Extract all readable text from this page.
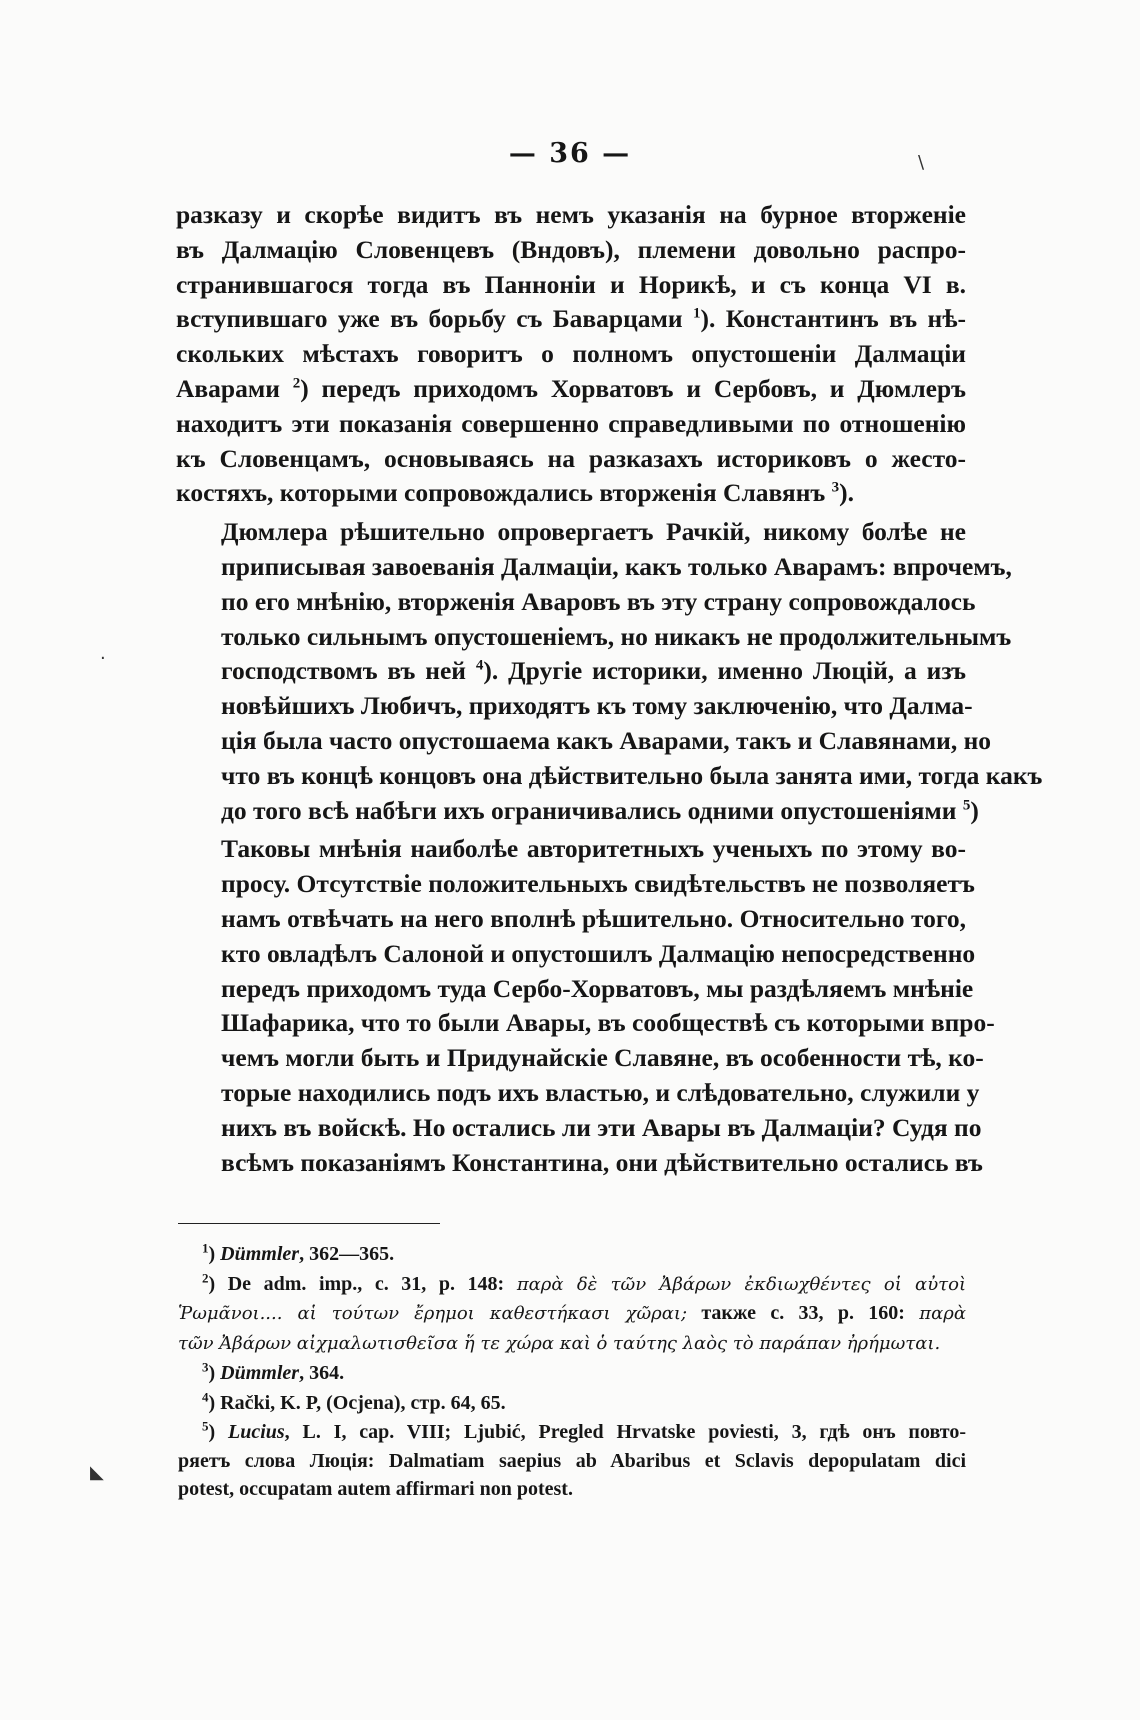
— 36 —	\
·
◣

разказу и скорѣе видитъ въ немъ указанія на бурное вторженіе
въ Далмацію Словенцевъ (Вндовъ), племени довольно распро-
странившагося тогда въ Панноніи и Норикѣ, и съ конца VI в.
вступившаго уже въ борьбу съ Баварцами $^1$). Константинъ въ нѣ-
скольких мѣстахъ говоритъ о полномъ опустошеніи Далмаціи
Аварами $^2$) передъ приходомъ Хорватовъ и Сербовъ, и Дюмлеръ
находитъ эти показанія совершенно справедливыми по отношенію
къ Словенцамъ, основываясь на разказахъ историковъ о жесто-
костяхъ, которыми сопровождались вторженія Славянъ $^3$).

Дюмлера рѣшительно опровергаетъ Рачкій, никому болѣе не
приписывая завоеванія Далмаціи, какъ только Аварамъ: впрочемъ,
по его мнѣнію, вторженія Аваровъ въ эту страну сопровождалось
только сильнымъ опустошеніемъ, но никакъ не продолжительнымъ
господствомъ въ ней $^4$). Другіе историки, именно Люцій, а изъ
новѣйшихъ Любичъ, приходятъ къ тому заключенію, что Далма-
ція была часто опустошаема какъ Аварами, такъ и Славянами, но
что въ концѣ концовъ она дѣйствительно была занята ими, тогда какъ
до того всѣ набѣги ихъ ограничивались одними опустошеніями $^5$)

Таковы мнѣнія наиболѣе авторитетныхъ ученыхъ по этому во-
просу. Отсутствіе положительныхъ свидѣтельствъ не позволяетъ
намъ отвѣчать на него вполнѣ рѣшительно. Относительно того,
кто овладѣлъ Салоной и опустошилъ Далмацію непосредственно
передъ приходомъ туда Сербо-Хорватовъ, мы раздѣляемъ мнѣніе
Шафарика, что то были Авары, въ сообществѣ съ которыми впро-
чемъ могли быть и Придунайскіе Славяне, въ особенности тѣ, ко-
торые находились подъ ихъ властью, и слѣдовательно, служили у
нихъ въ войскѣ. Но остались ли эти Авары въ Далмаціи? Судя по
всѣмъ показаніямъ Константина, они дѣйствительно остались въ

$^1$) Dümmler, 362—365.
$^2$) De adm. imp., c. 31, p. 148: παρὰ δὲ τῶν Ἀβάρων ἐκδιωχθέντες οἱ αὐτοὶ
Ῥωμᾶνοι.... αἱ τούτων ἔρημοι καθεστήκασι χῶραι; также c. 33, p. 160: παρὰ
τῶν Ἀβάρων αἰχμαλωτισθεῖσα ἥ τε χώρα καὶ ὁ ταύτης λαὸς τὸ παράπαν ἠρήμωται.
$^3$) Dümmler, 364.
$^4$) Rački, K. P, (Ocjena), стр. 64, 65.
$^5$) Lucius, L. I, cap. VIII; Ljubić, Pregled Hrvatske poviesti, 3, гдѣ онъ повто-
ряетъ слова Люція: Dalmatiam saepius ab Abaribus et Sclavis depopulatam dici
potest, occupatam autem affirmari non potest.
